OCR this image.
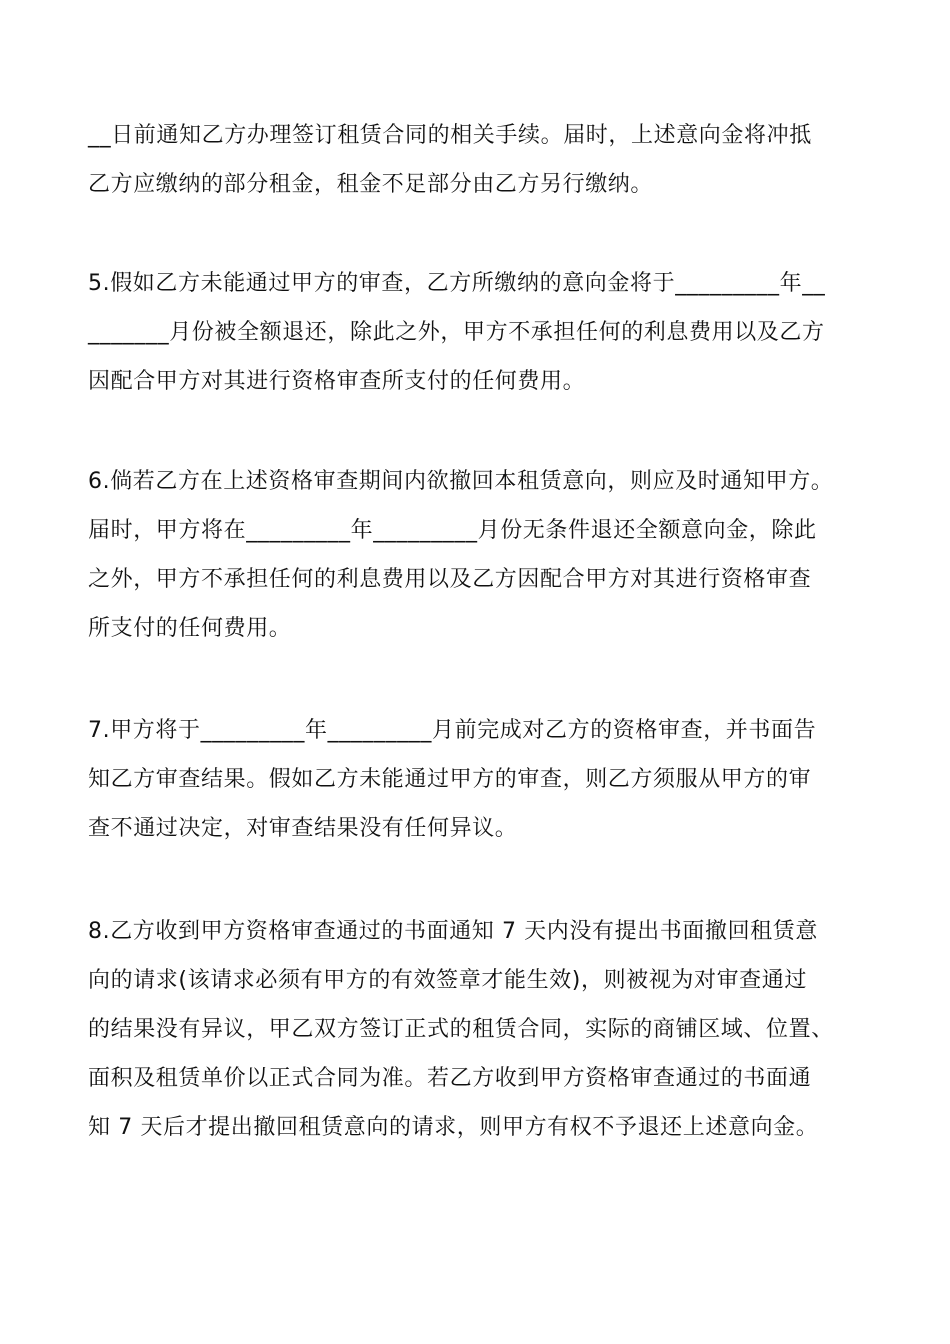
__日前通知乙方办理签订租赁合同的相关手续。届时，上述意向金将冲抵
乙方应缴纳的部分租金，租金不足部分由乙方另行缴纳。
5.假如乙方未能通过甲方的审查，乙方所缴纳的意向金将于_________年__
_______月份被全额退还，除此之外，甲方不承担任何的利息费用以及乙方
因配合甲方对其进行资格审查所支付的任何费用。
6.倘若乙方在上述资格审查期间内欲撤回本租赁意向，则应及时通知甲方。
届时，甲方将在_________年_________月份无条件退还全额意向金，除此
之外，甲方不承担任何的利息费用以及乙方因配合甲方对其进行资格审查
所支付的任何费用。
7.甲方将于_________年_________月前完成对乙方的资格审查，并书面告
知乙方审查结果。假如乙方未能通过甲方的审查，则乙方须服从甲方的审
查不通过决定，对审查结果没有任何异议。
8.乙方收到甲方资格审查通过的书面通知 7 天内没有提出书面撤回租赁意
向的请求(该请求必须有甲方的有效签章才能生效)，则被视为对审查通过
的结果没有异议，甲乙双方签订正式的租赁合同，实际的商铺区域、位置、
面积及租赁单价以正式合同为准。若乙方收到甲方资格审查通过的书面通
知 7 天后才提出撤回租赁意向的请求，则甲方有权不予退还上述意向金。
